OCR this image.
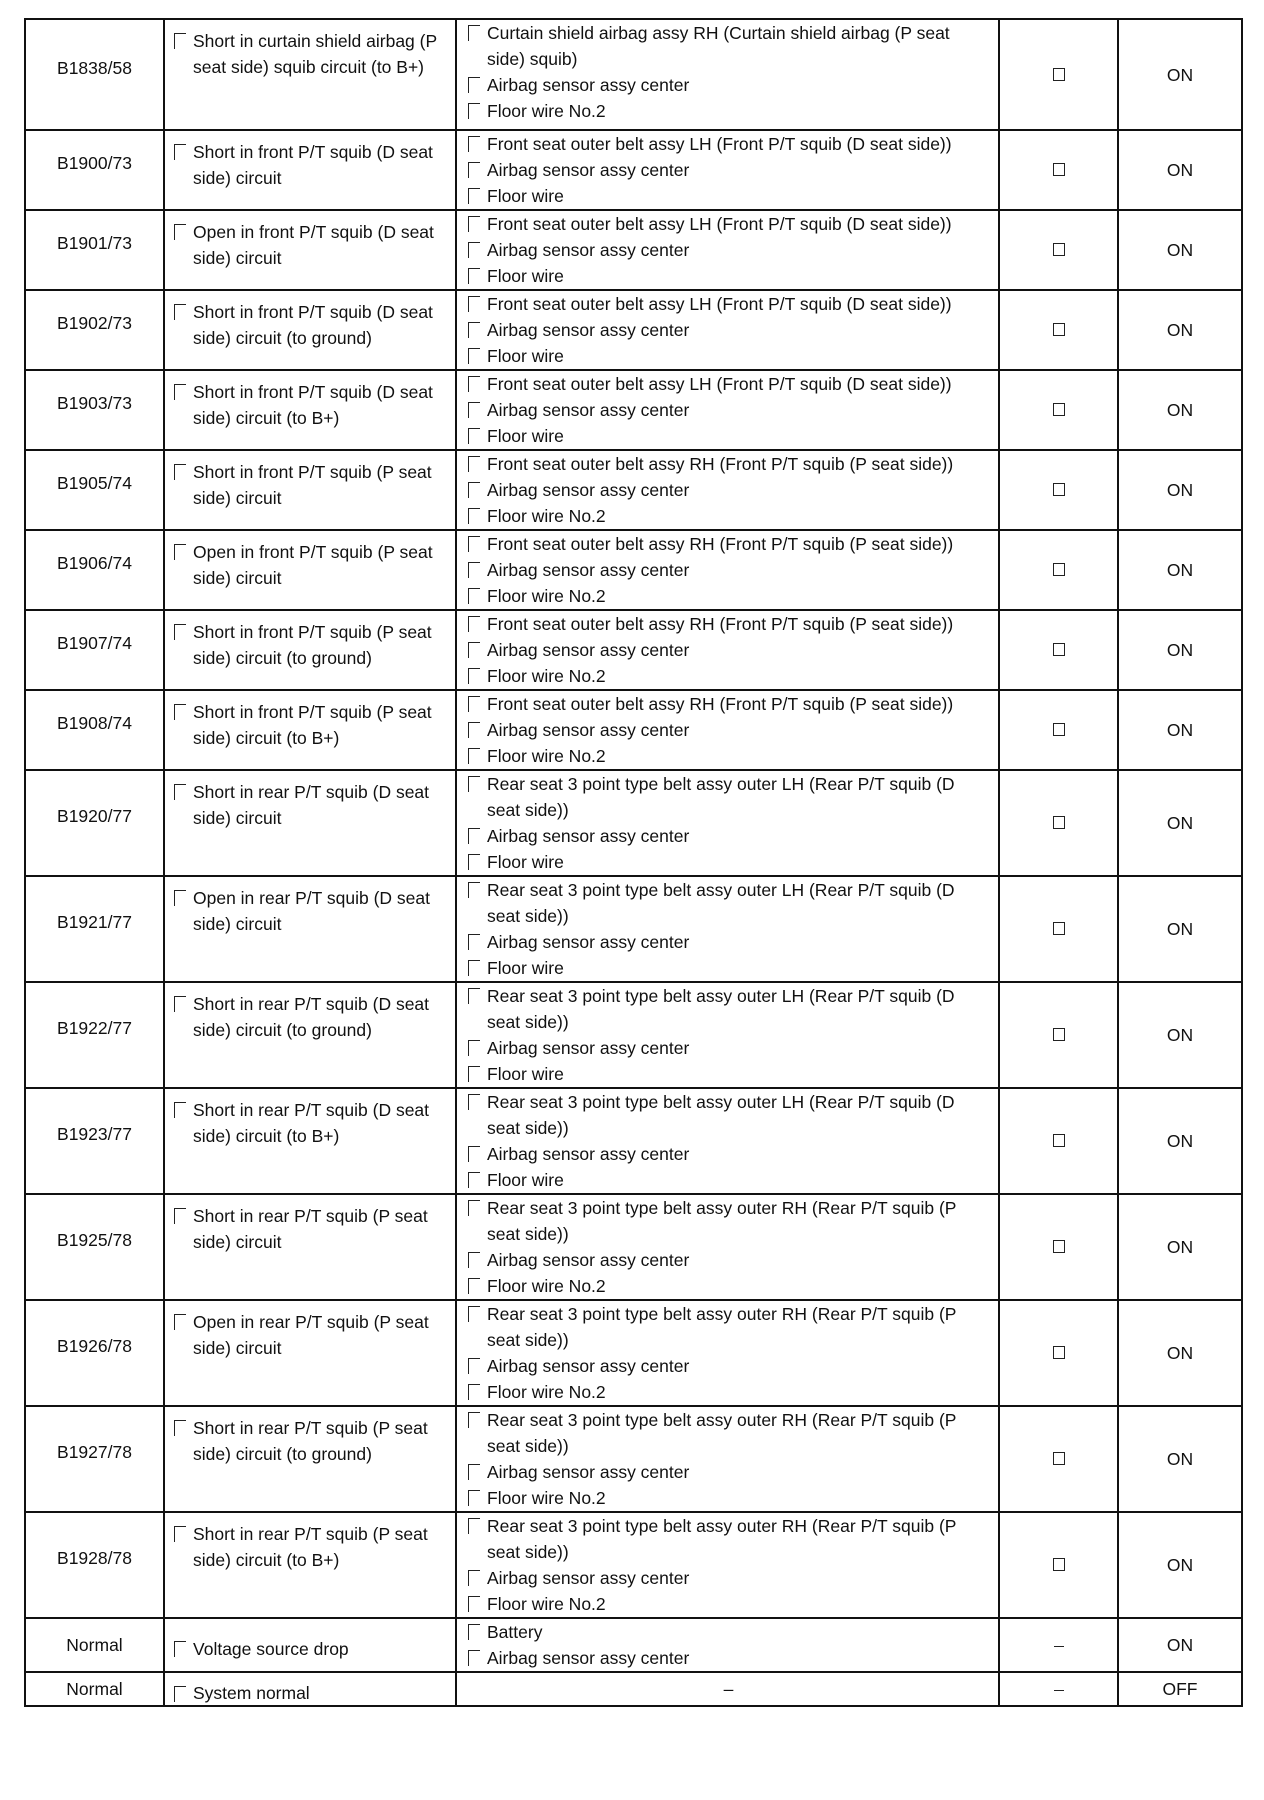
B1838/58	Short in curtain shield airbag (P seat side) squib circuit (to B+)	Curtain shield airbag assy RH (Curtain shield airbag (P seat side) squib)
Airbag sensor assy center
Floor wire No.2		ON

B1900/73	Short in front P/T squib (D seat side) circuit	Front seat outer belt assy LH (Front P/T squib (D seat side))
Airbag sensor assy center
Floor wire		ON

B1901/73	Open in front P/T squib (D seat side) circuit	Front seat outer belt assy LH (Front P/T squib (D seat side))
Airbag sensor assy center
Floor wire		ON

B1902/73	Short in front P/T squib (D seat side) circuit (to ground)	Front seat outer belt assy LH (Front P/T squib (D seat side))
Airbag sensor assy center
Floor wire		ON

B1903/73	Short in front P/T squib (D seat side) circuit (to B+)	Front seat outer belt assy LH (Front P/T squib (D seat side))
Airbag sensor assy center
Floor wire		ON

B1905/74	Short in front P/T squib (P seat side) circuit	Front seat outer belt assy RH (Front P/T squib (P seat side))
Airbag sensor assy center
Floor wire No.2		ON

B1906/74	Open in front P/T squib (P seat side) circuit	Front seat outer belt assy RH (Front P/T squib (P seat side))
Airbag sensor assy center
Floor wire No.2		ON

B1907/74	Short in front P/T squib (P seat side) circuit (to ground)	Front seat outer belt assy RH (Front P/T squib (P seat side))
Airbag sensor assy center
Floor wire No.2		ON

B1908/74	Short in front P/T squib (P seat side) circuit (to B+)	Front seat outer belt assy RH (Front P/T squib (P seat side))
Airbag sensor assy center
Floor wire No.2		ON

B1920/77	Short in rear P/T squib (D seat side) circuit	Rear seat 3 point type belt assy outer LH (Rear P/T squib (D seat side))
Airbag sensor assy center
Floor wire		ON

B1921/77	Open in rear P/T squib (D seat side) circuit	Rear seat 3 point type belt assy outer LH (Rear P/T squib (D seat side))
Airbag sensor assy center
Floor wire		ON

B1922/77	Short in rear P/T squib (D seat side) circuit (to ground)	Rear seat 3 point type belt assy outer LH (Rear P/T squib (D seat side))
Airbag sensor assy center
Floor wire		ON

B1923/77	Short in rear P/T squib (D seat side) circuit (to B+)	Rear seat 3 point type belt assy outer LH (Rear P/T squib (D seat side))
Airbag sensor assy center
Floor wire		ON

B1925/78	Short in rear P/T squib (P seat side) circuit	Rear seat 3 point type belt assy outer RH (Rear P/T squib (P seat side))
Airbag sensor assy center
Floor wire No.2		ON

B1926/78	Open in rear P/T squib (P seat side) circuit	Rear seat 3 point type belt assy outer RH (Rear P/T squib (P seat side))
Airbag sensor assy center
Floor wire No.2		ON

B1927/78	Short in rear P/T squib (P seat side) circuit (to ground)	Rear seat 3 point type belt assy outer RH (Rear P/T squib (P seat side))
Airbag sensor assy center
Floor wire No.2		ON

B1928/78	Short in rear P/T squib (P seat side) circuit (to B+)	Rear seat 3 point type belt assy outer RH (Rear P/T squib (P seat side))
Airbag sensor assy center
Floor wire No.2		ON

Normal	Voltage source drop	Battery
Airbag sensor assy center		ON

Normal	System normal	–		OFF
